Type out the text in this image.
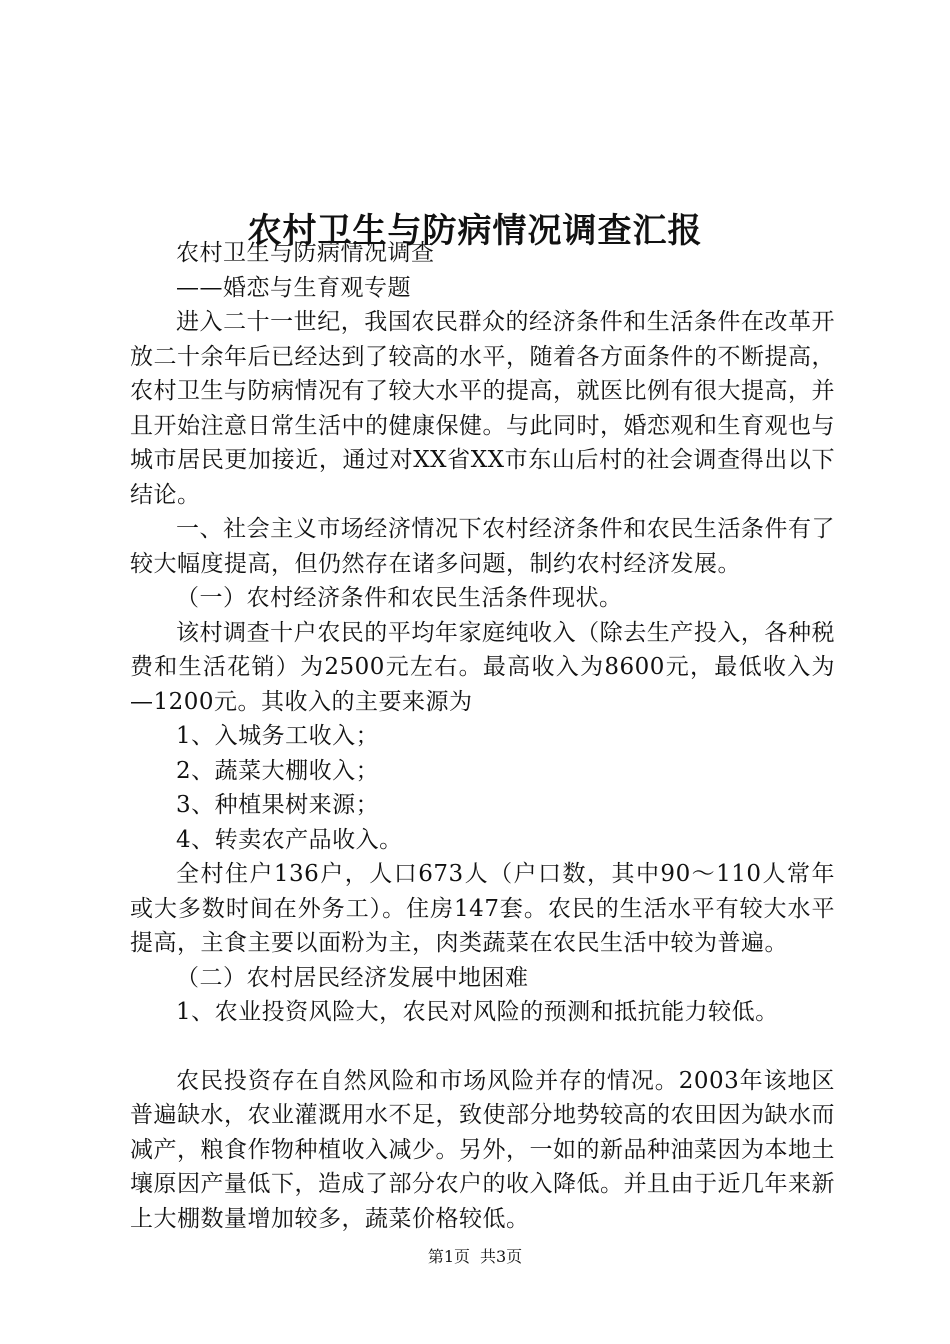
农村卫生与防病情况调查汇报

农村卫生与防病情况调查

——婚恋与生育观专题

进入二十一世纪，我国农民群众的经济条件和生活条件在改革开放二十余年后已经达到了较高的水平，随着各方面条件的不断提高，农村卫生与防病情况有了较大水平的提高，就医比例有很大提高，并且开始注意日常生活中的健康保健。与此同时，婚恋观和生育观也与城市居民更加接近，通过对XX省XX市东山后村的社会调查得出以下结论。

一、社会主义市场经济情况下农村经济条件和农民生活条件有了较大幅度提高，但仍然存在诸多问题，制约农村经济发展。

（一）农村经济条件和农民生活条件现状。

该村调查十户农民的平均年家庭纯收入（除去生产投入，各种税费和生活花销）为2500元左右。最高收入为8600元，最低收入为—1200元。其收入的主要来源为

1、入城务工收入；

2、蔬菜大棚收入；

3、种植果树来源；

4、转卖农产品收入。

全村住户136户，人口673人（户口数，其中90～110人常年或大多数时间在外务工）。住房147套。农民的生活水平有较大水平提高，主食主要以面粉为主，肉类蔬菜在农民生活中较为普遍。

（二）农村居民经济发展中地困难

1、农业投资风险大，农民对风险的预测和抵抗能力较低。

农民投资存在自然风险和市场风险并存的情况。2003年该地区普遍缺水，农业灌溉用水不足，致使部分地势较高的农田因为缺水而减产，粮食作物种植收入减少。另外，一如的新品种油菜因为本地土壤原因产量低下，造成了部分农户的收入降低。并且由于近几年来新上大棚数量增加较多，蔬菜价格较低。

第1页 共3页
